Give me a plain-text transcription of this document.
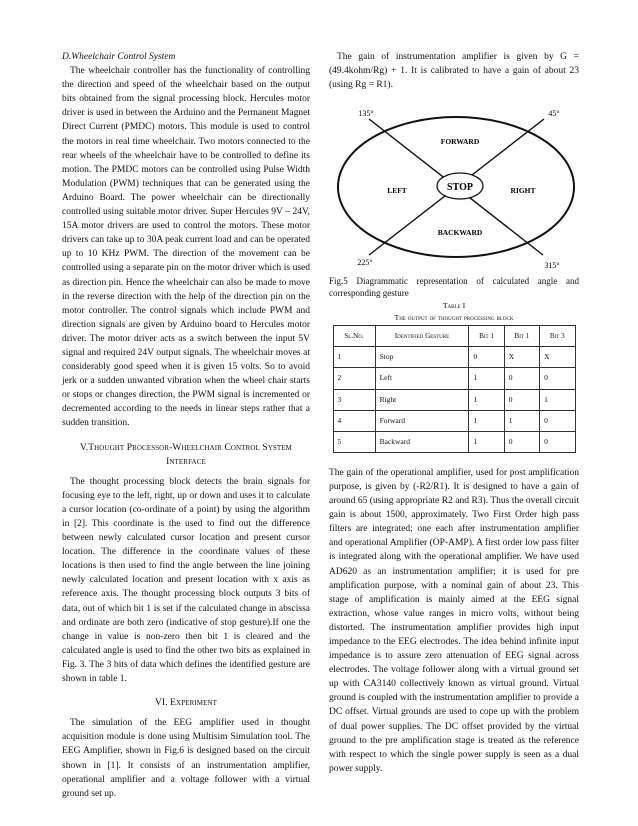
D.Wheelchair Control System

The wheelchair controller has the functionality of controlling the direction and speed of the wheelchair based on the output bits obtained from the signal processing block. Hercules motor driver is used in between the Arduino and the Permanent Magnet Direct Current (PMDC) motors. This module is used to control the motors in real time wheelchair. Two motors connected to the rear wheels of the wheelchair have to be controlled to define its motion. The PMDC motors can be controlled using Pulse Width Modulation (PWM) techniques that can be generated using the Arduino Board. The power wheelchair can be directionally controlled using suitable motor driver. Super Hercules 9V – 24V, 15A motor drivers are used to control the motors. These motor drivers can take up to 30A peak current load and can be operated up to 10 KHz PWM. The direction of the movement can be controlled using a separate pin on the motor driver which is used as direction pin. Hence the wheelchair can also be made to move in the reverse direction with the help of the direction pin on the motor controller. The control signals which include PWM and direction signals are given by Arduino board to Hercules motor driver. The motor driver acts as a switch between the input 5V signal and required 24V output signals. The wheelchair moves at considerably good speed when it is given 15 volts. So to avoid jerk or a sudden unwanted vibration when the wheel chair starts or stops or changes direction, the PWM signal is incremented or decremented according to the needs in linear steps rather that a sudden transition.

V.Thought Processor-Wheelchair Control System Interface

The thought processing block detects the brain signals for focusing eye to the left, right, up or down and uses it to calculate a cursor location (co-ordinate of a point) by using the algorithm in [2]. This coordinate is the used to find out the difference between newly calculated cursor location and present cursor location. The difference in the coordinate values of these locations is then used to find the angle between the line joining newly calculated location and present location with x axis as reference axis. The thought processing block outputs 3 bits of data, out of which bit 1 is set if the calculated change in abscissa and ordinate are both zero (indicative of stop gesture).If one the change in value is non-zero then bit 1 is cleared and the calculated angle is used to find the other two bits as explained in Fig. 3. The 3 bits of data which defines the identified gesture are shown in table 1.

VI. Experiment

The simulation of the EEG amplifier used in thought acquisition module is done using Multisim Simulation tool. The EEG Amplifier, shown in Fig.6 is designed based on the circuit shown in [1]. It consists of an instrumentation amplifier, operational amplifier and a voltage follower with a virtual ground set up.

The gain of instrumentation amplifier is given by G = (49.4kohm/Rg) + 1. It is calibrated to have a gain of about 23 (using Rg = R1).

135°	45°
225°	315°
FORWARD
BACKWARD
LEFT	RIGHT
STOP
Fig.5 Diagrammatic representation of calculated angle and corresponding gesture
Table I
The output of thought processing block
Sl.No.	Identified Gesture	Bit 1	Bit 1	Bit 3
1	Stop	0	X	X
2	Left	1	0	0
3	Right	1	0	1
4	Forward	1	1	0
5	Backward	1	0	0

The gain of the operational amplifier, used for post amplification purpose, is given by (-R2/R1). It is designed to have a gain of around 65 (using appropriate R2 and R3). Thus the overall circuit gain is about 1500, approximately. Two First Order high pass filters are integrated; one each after instrumentation amplifier and operational Amplifier (OP-AMP). A first order low pass filter is integrated along with the operational amplifier. We have used AD620 as an instrumentation amplifier; it is used for pre amplification purpose, with a nominal gain of about 23. This stage of amplification is mainly aimed at the EEG signal extraction, whose value ranges in micro volts, without being distorted. The instrumentation amplifier provides high input impedance to the EEG electrodes. The idea behind infinite input impedance is to assure zero attenuation of EEG signal across electrodes. The voltage follower along with a virtual ground set up with CA3140 collectively known as virtual ground. Virtual ground is coupled with the instrumentation amplifier to provide a DC offset. Virtual grounds are used to cope up with the problem of dual power supplies. The DC offset provided by the virtual ground to the pre amplification stage is treated as the reference with respect to which the single power supply is seen as a dual power supply.
